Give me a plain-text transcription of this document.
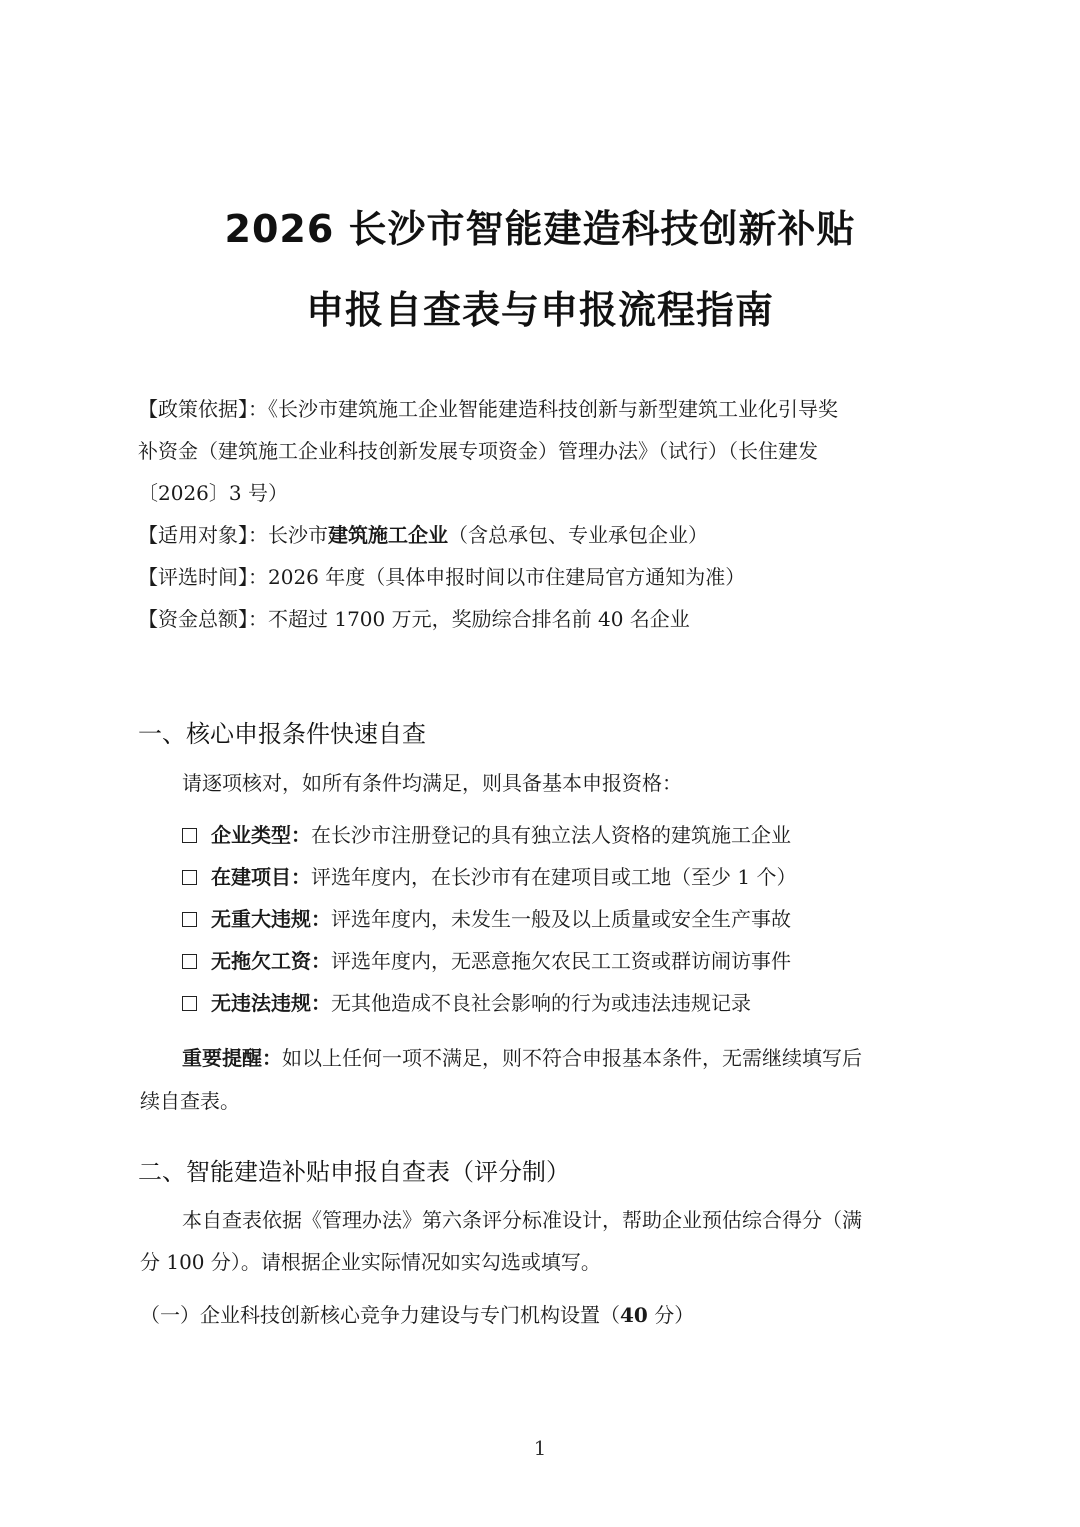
2026 长沙市智能建造科技创新补贴
申报自查表与申报流程指南
【政策依据】：《长沙市建筑施工企业智能建造科技创新与新型建筑工业化引导奖
补资金（建筑施工企业科技创新发展专项资金）管理办法》（试行）（长住建发
〔2026〕3 号）
【适用对象】：长沙市建筑施工企业（含总承包、专业承包企业）
【评选时间】：2026 年度（具体申报时间以市住建局官方通知为准）
【资金总额】：不超过 1700 万元，奖励综合排名前 40 名企业
一、核心申报条件快速自查
请逐项核对，如所有条件均满足，则具备基本申报资格：
企业类型：在长沙市注册登记的具有独立法人资格的建筑施工企业
在建项目：评选年度内，在长沙市有在建项目或工地（至少 1 个）
无重大违规：评选年度内，未发生一般及以上质量或安全生产事故
无拖欠工资：评选年度内，无恶意拖欠农民工工资或群访闹访事件
无违法违规：无其他造成不良社会影响的行为或违法违规记录
重要提醒：如以上任何一项不满足，则不符合申报基本条件，无需继续填写后
续自查表。
二、智能建造补贴申报自查表（评分制）
本自查表依据《管理办法》第六条评分标准设计，帮助企业预估综合得分（满
分 100 分）。请根据企业实际情况如实勾选或填写。
（一）企业科技创新核心竞争力建设与专门机构设置（40 分）
1
